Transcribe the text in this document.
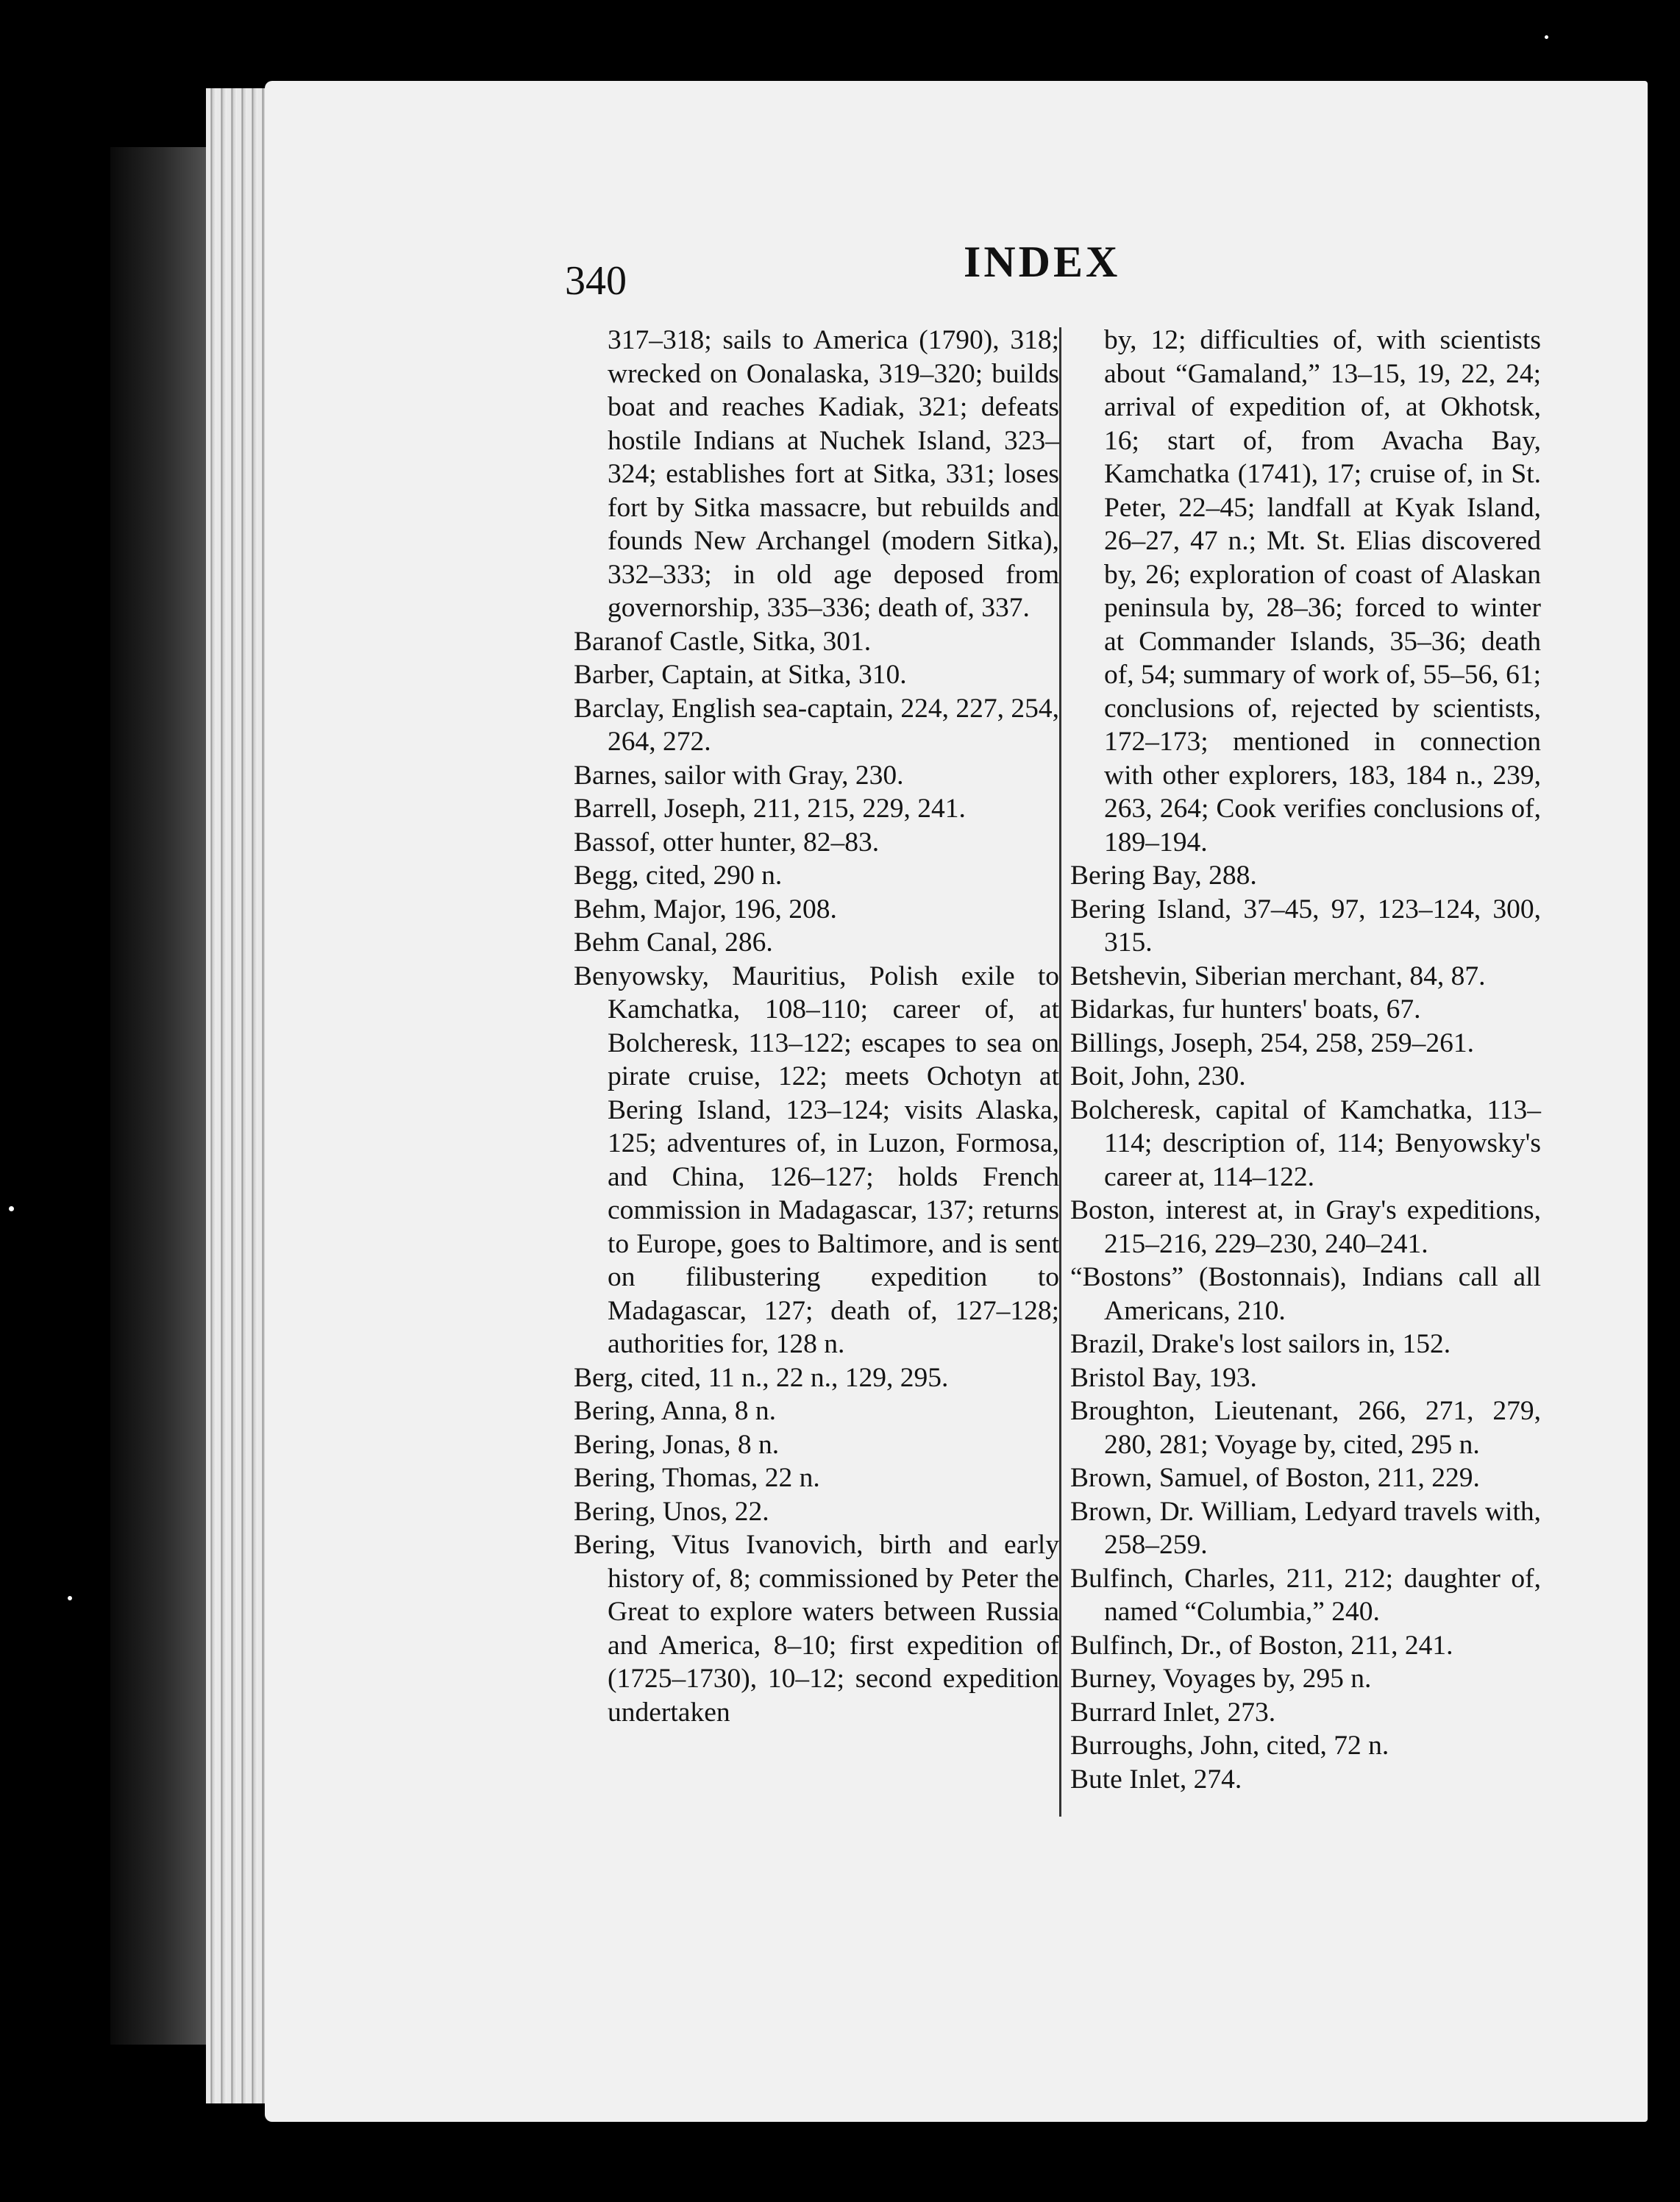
340	INDEX
317–318; sails to America (1790), 318; wrecked on Oonalaska, 319–320; builds boat and reaches Kadiak, 321; defeats hostile Indians at Nuchek Island, 323–324; establishes fort at Sitka, 331; loses fort by Sitka massacre, but rebuilds and founds New Archangel (modern Sitka), 332–333; in old age deposed from governorship, 335–336; death of, 337.
Baranof Castle, Sitka, 301.
Barber, Captain, at Sitka, 310.
Barclay, English sea-captain, 224, 227, 254, 264, 272.
Barnes, sailor with Gray, 230.
Barrell, Joseph, 211, 215, 229, 241.
Bassof, otter hunter, 82–83.
Begg, cited, 290 n.
Behm, Major, 196, 208.
Behm Canal, 286.
Benyowsky, Mauritius, Polish exile to Kamchatka, 108–110; career of, at Bolcheresk, 113–122; escapes to sea on pirate cruise, 122; meets Ochotyn at Bering Island, 123–124; visits Alaska, 125; adventures of, in Luzon, Formosa, and China, 126–127; holds French commission in Madagascar, 137; returns to Europe, goes to Baltimore, and is sent on filibustering expedition to Madagascar, 127; death of, 127–128; authorities for, 128 n.
Berg, cited, 11 n., 22 n., 129, 295.
Bering, Anna, 8 n.
Bering, Jonas, 8 n.
Bering, Thomas, 22 n.
Bering, Unos, 22.
Bering, Vitus Ivanovich, birth and early history of, 8; commissioned by Peter the Great to explore waters between Russia and America, 8–10; first expedition of (1725–1730), 10–12; second expedition undertaken
by, 12; difficulties of, with scientists about “Gamaland,” 13–15, 19, 22, 24; arrival of expedition of, at Okhotsk, 16; start of, from Avacha Bay, Kamchatka (1741), 17; cruise of, in St. Peter, 22–45; landfall at Kyak Island, 26–27, 47 n.; Mt. St. Elias discovered by, 26; exploration of coast of Alaskan peninsula by, 28–36; forced to winter at Commander Islands, 35–36; death of, 54; summary of work of, 55–56, 61; conclusions of, rejected by scientists, 172–173; mentioned in connection with other explorers, 183, 184 n., 239, 263, 264; Cook verifies conclusions of, 189–194.
Bering Bay, 288.
Bering Island, 37–45, 97, 123–124, 300, 315.
Betshevin, Siberian merchant, 84, 87.
Bidarkas, fur hunters' boats, 67.
Billings, Joseph, 254, 258, 259–261.
Boit, John, 230.
Bolcheresk, capital of Kamchatka, 113–114; description of, 114; Benyowsky's career at, 114–122.
Boston, interest at, in Gray's expeditions, 215–216, 229–230, 240–241.
“Bostons” (Bostonnais), Indians call all Americans, 210.
Brazil, Drake's lost sailors in, 152.
Bristol Bay, 193.
Broughton, Lieutenant, 266, 271, 279, 280, 281; Voyage by, cited, 295 n.
Brown, Samuel, of Boston, 211, 229.
Brown, Dr. William, Ledyard travels with, 258–259.
Bulfinch, Charles, 211, 212; daughter of, named “Columbia,” 240.
Bulfinch, Dr., of Boston, 211, 241.
Burney, Voyages by, 295 n.
Burrard Inlet, 273.
Burroughs, John, cited, 72 n.
Bute Inlet, 274.
